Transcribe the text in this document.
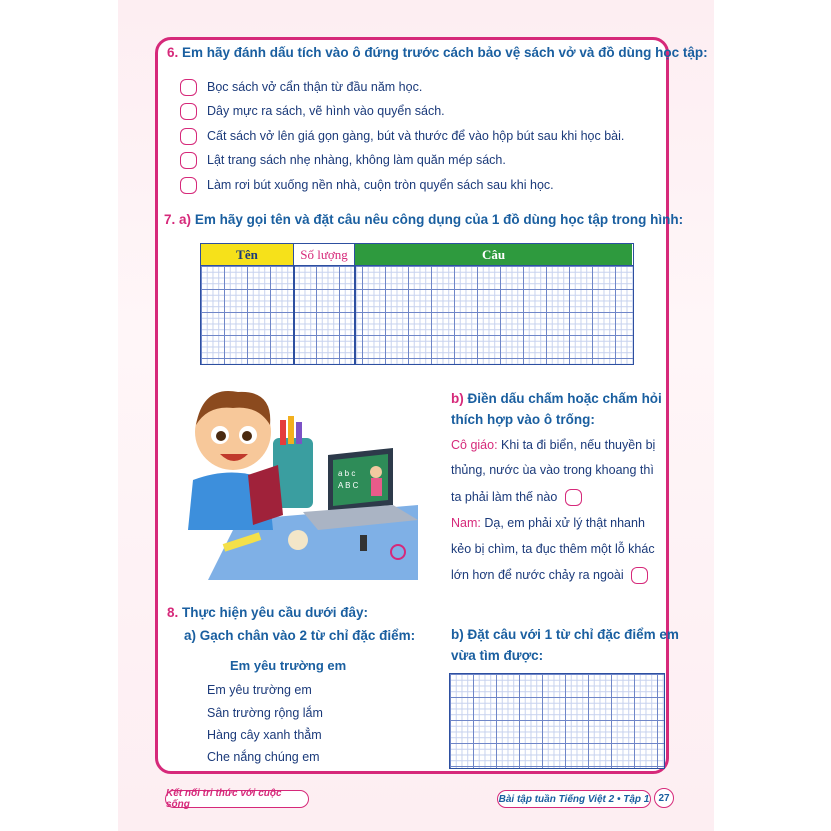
6. Em hãy đánh dấu tích vào ô đứng trước cách bảo vệ sách vở và đồ dùng học tập:
Bọc sách vở cẩn thận từ đầu năm học.
Dây mực ra sách, vẽ hình vào quyển sách.
Cất sách vở lên giá gọn gàng, bút và thước để vào hộp bút sau khi học bài.
Lật trang sách nhẹ nhàng, không làm quăn mép sách.
Làm rơi bút xuống nền nhà, cuộn tròn quyển sách sau khi học.
7. a) Em hãy gọi tên và đặt câu nêu công dụng của 1 đồ dùng học tập trong hình:
Tên	Số lượng	Câu
a b c
A B C
b) Điền dấu chấm hoặc chấm hỏi
thích hợp vào ô trống:
Cô giáo: Khi ta đi biển, nếu thuyền bị
thủng, nước ùa vào trong khoang thì
ta phải làm thế nào
Nam: Dạ, em phải xử lý thật nhanh
kẻo bị chìm, ta đục thêm một lỗ khác
lớn hơn để nước chảy ra ngoài
8. Thực hiện yêu cầu dưới đây:
a) Gạch chân vào 2 từ chỉ đặc điểm:
Em yêu trường em
Em yêu trường em
Sân trường rộng lắm
Hàng cây xanh thẳm
Che nắng chúng em
b) Đặt câu với 1 từ chỉ đặc điểm em
vừa tìm được:
Kết nối tri thức với cuộc sống	Bài tập tuần Tiếng Việt 2 • Tập 1 27
